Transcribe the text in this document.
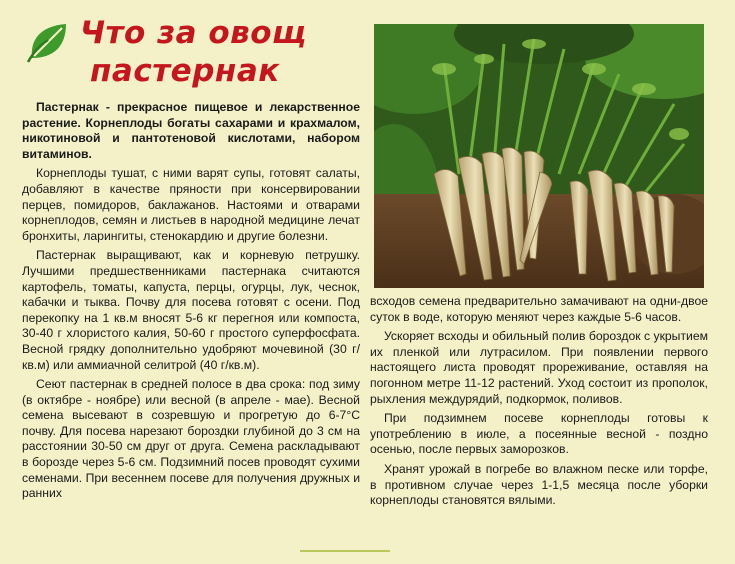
Что за овощ
пастернак

Пастернак - прекрасное пищевое и лекарственное растение. Корнеплоды богаты сахарами и крахмалом, никотиновой и пантотеновой кислотами, набором витаминов.

Корнеплоды тушат, с ними варят супы, готовят салаты, добавляют в качестве пряности при консервировании перцев, помидоров, баклажанов. Настоями и отварами корнеплодов, семян и листьев в народной медицине лечат бронхиты, ларингиты, стенокардию и другие болезни.

Пастернак выращивают, как и корневую петрушку. Лучшими предшественниками пастернака считаются картофель, томаты, капуста, перцы, огурцы, лук, чеснок, кабачки и тыква. Почву для посева готовят с осени. Под перекопку на 1 кв.м вносят 5-6 кг перегноя или компоста, 30-40 г хлористого калия, 50-60 г простого суперфосфата. Весной грядку дополнительно удобряют мочевиной (30 г/кв.м) или аммиачной селитрой (40 г/кв.м).

Сеют пастернак в средней полосе в два срока: под зиму (в октябре - ноябре) или весной (в апреле - мае). Весной семена высевают в созревшую и прогретую до 6-7°С почву. Для посева нарезают бороздки глубиной до 3 см на расстоянии 30-50 см друг от друга. Семена раскладывают в борозде через 5-6 см. Подзимний посев проводят сухими семенами. При весеннем посеве для получения дружных и ранних

всходов семена предварительно замачивают на одни-двое суток в воде, которую меняют через каждые 5-6 часов.

Ускоряет всходы и обильный полив бороздок с укрытием их пленкой или лутрасилом. При появлении первого настоящего листа проводят прореживание, оставляя на погонном метре 11-12 растений. Уход состоит из прополок, рыхления междурядий, подкормок, поливов.

При подзимнем посеве корнеплоды готовы к употреблению в июле, а посеянные весной - поздно осенью, после первых заморозков.

Хранят урожай в погребе во влажном песке или торфе, в противном случае через 1-1,5 месяца после уборки корнеплоды становятся вялыми.
